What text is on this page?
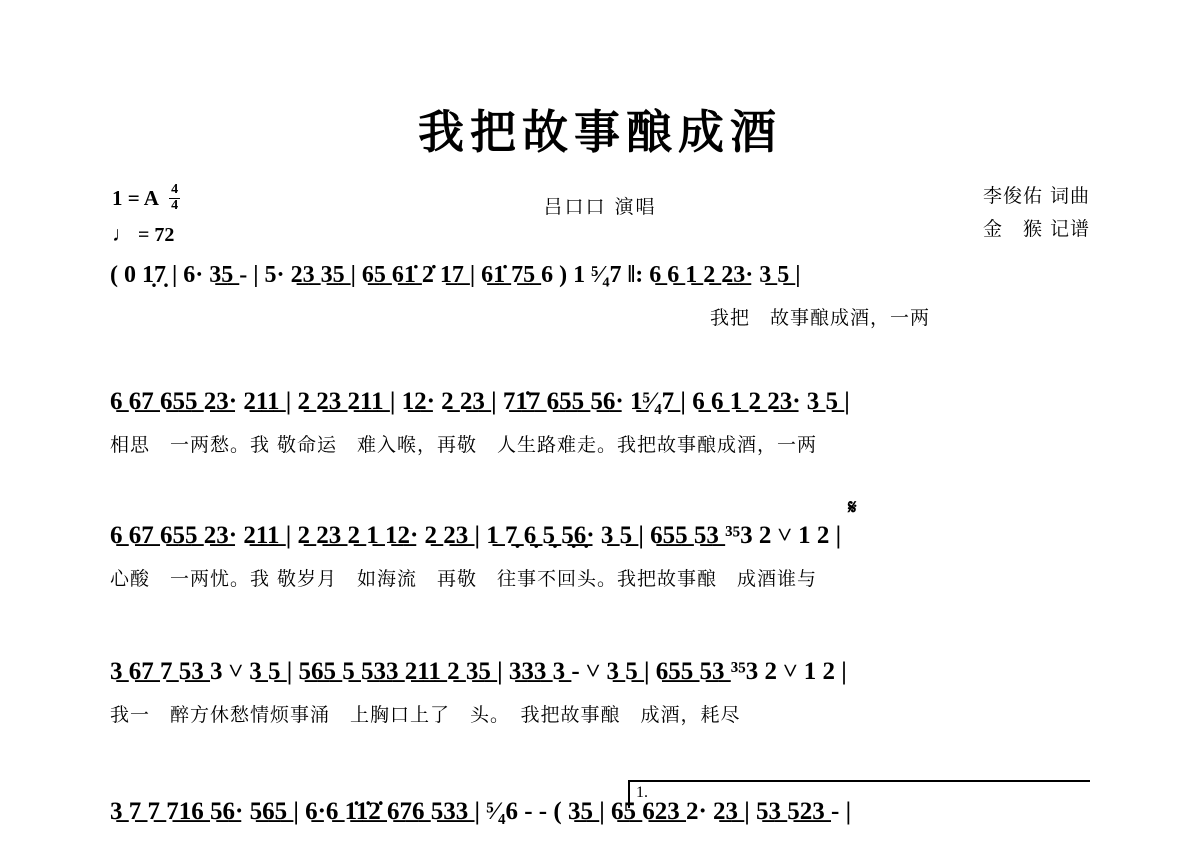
我把故事酿成酒
1 = A $\frac{4}{4}$
♩ = 72
吕口口 演唱	李俊佑 词曲
金　猴 记谱
( 0 1̣7̣ | 6· 3̲5̲ - | 5· 2̲3̲ 3̲5̲ | 6̲5̲ 6̲1̲̇ 2̇ 1̲7̲ | 6̲1̲̇ 7̲5̲ 6 ) 1 ⁵⁄₄7 ‖: 6̲ 6̲ 1̲ 2̲ 2̲3̲· 3̲ 5̲ |
我把　故事酿成酒，一两
6̲ 6̲7̲ 6̲5̲5̲ 2̲3̲· 2̲1̲1̲ | 2̲ 2̲3̲ 2̲1̲1̲ | 1̲2̲· 2̲ 2̲3̲ | 7̲1̲̇7̲ 6̲5̲5̲ 5̲6̲· 1̲⁵⁄₄7̲ | 6̲ 6̲ 1̲ 2̲ 2̲3̲· 3̲ 5̲ |
相思　一两愁。我 敬命运　难入喉，再敬　人生路难走。我把故事酿成酒，一两
6̲ 6̲7̲ 6̲5̲5̲ 2̲3̲· 2̲1̲1̲ | 2̲ 2̲3̲ 2̲ 1̲ 1̲2̲· 2̲ 2̲3̲ | 1̲ 7̣̲ 6̣̲ 5̣̲ 5̣̲6̣̲· 3̲ 5̲ | 6̲5̲5̲ 5̲3̲ ³⁵3 2 ˅ 1 2 |
心酸　一两忧。我 敬岁月　如海流　再敬　往事不回头。我把故事酿　成酒谁与
𝄋
3̲ 6̲7̲ 7̲ 5̲3̲ 3 ˅ 3̲ 5̲ | 5̲6̲5̲ 5̲ 5̲3̲3̲ 2̲1̲1̲ 2̲ 3̲5̲ | 3̲3̲3̲ 3̲ - ˅ 3̲ 5̲ | 6̲5̲5̲ 5̲3̲ ³⁵3 2 ˅ 1 2 |
我一　醉方休愁情烦事涌　上胸口上了　头。　我把故事酿　成酒，耗尽
1.
3̲ 7̲ 7̲ 7̲1̲6̲ 5̲6̲· 5̲6̲5̲ | 6̲·6̲ 1̲̇1̲̇2̲̇ 6̲7̲6̲ 5̲3̲3̲ | ⁵⁄₄6 - - ( 3̲5̲ | 6̲5̲ 6̲2̲3̲ 2· 2̲3̲ | 5̲3̲ 5̲2̲3̲ - |
